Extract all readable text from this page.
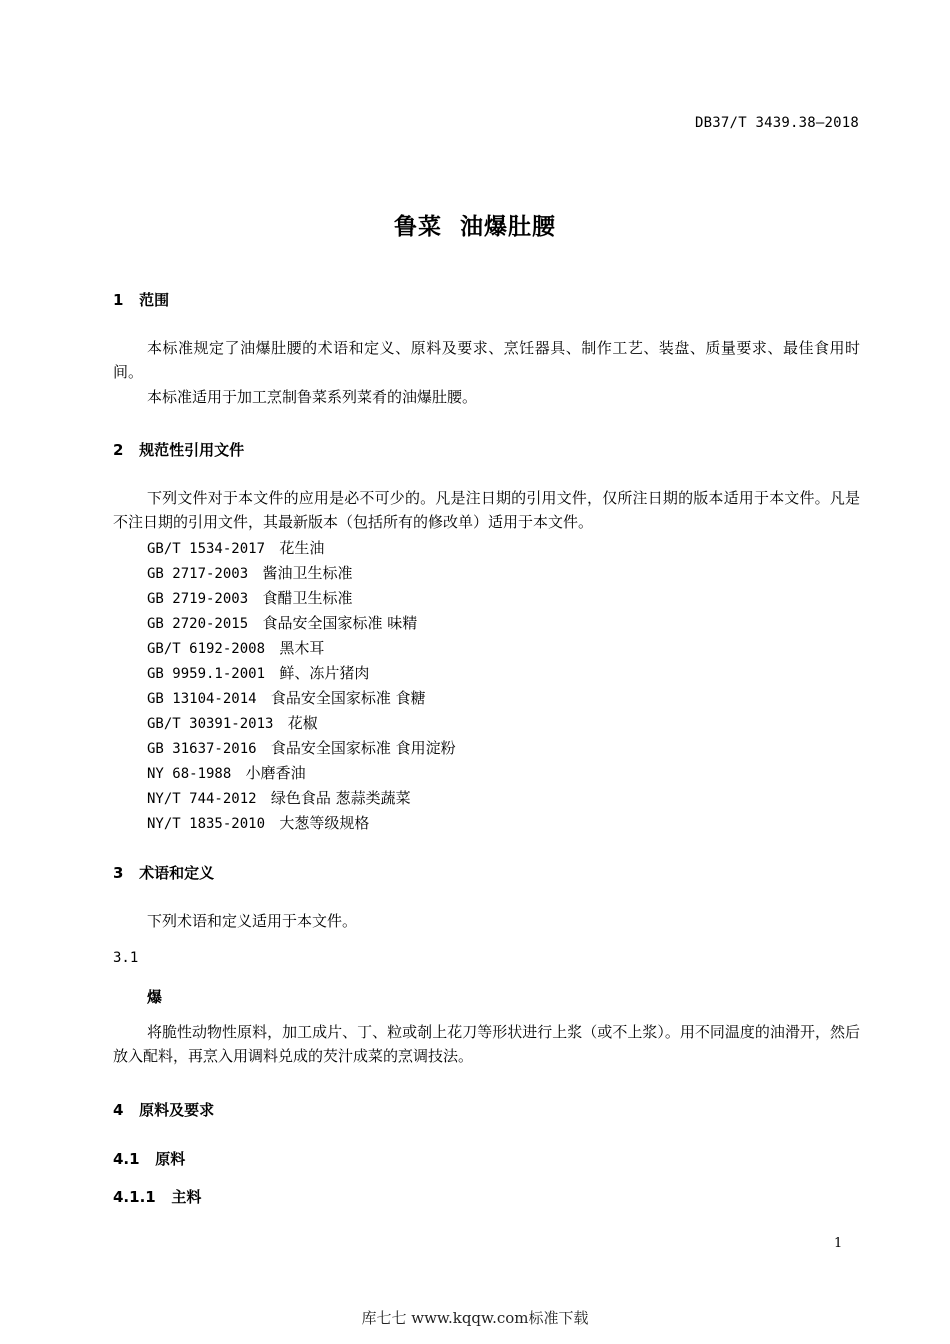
DB37/T 3439.38—2018
鲁菜  油爆肚腰
1   范围

本标准规定了油爆肚腰的术语和定义、原料及要求、烹饪器具、制作工艺、装盘、质量要求、最佳食用时间。

本标准适用于加工烹制鲁菜系列菜肴的油爆肚腰。

2   规范性引用文件

下列文件对于本文件的应用是必不可少的。凡是注日期的引用文件，仅所注日期的版本适用于本文件。凡是不注日期的引用文件，其最新版本（包括所有的修改单）适用于本文件。

GB/T 1534-2017 花生油
GB 2717-2003 酱油卫生标准
GB 2719-2003 食醋卫生标准
GB 2720-2015 食品安全国家标准 味精
GB/T 6192-2008 黑木耳
GB 9959.1-2001 鲜、冻片猪肉
GB 13104-2014 食品安全国家标准 食糖
GB/T 30391-2013 花椒
GB 31637-2016 食品安全国家标准 食用淀粉
NY 68-1988 小磨香油
NY/T 744-2012 绿色食品 葱蒜类蔬菜
NY/T 1835-2010 大葱等级规格
3   术语和定义

下列术语和定义适用于本文件。

3.1
爆

将脆性动物性原料，加工成片、丁、粒或剞上花刀等形状进行上浆（或不上浆）。用不同温度的油滑开，然后放入配料，再烹入用调料兑成的芡汁成菜的烹调技法。

4   原料及要求
4.1   原料
4.1.1   主料
1
库七七 www.kqqw.com标准下载
